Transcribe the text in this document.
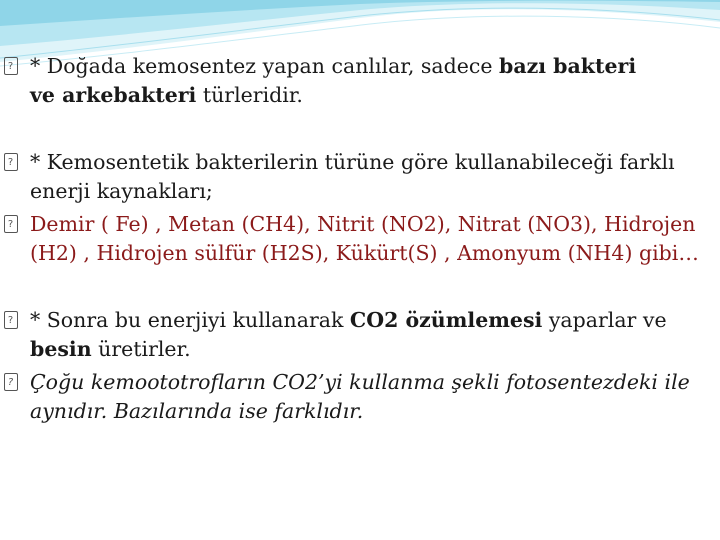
?
* Doğada kemosentez yapan canlılar, sadece bazı bakteri
ve arkebakteri türleridir.
?
* Kemosentetik bakterilerin türüne göre kullanabileceği farklı enerji kaynakları;
?
Demir ( Fe) , Metan (CH4), Nitrit (NO2), Nitrat (NO3), Hidrojen (H2) , Hidrojen sülfür (H2S), Kükürt(S) , Amonyum (NH4) gibi…
?
* Sonra bu enerjiyi kullanarak CO2 özümlemesi yaparlar ve besin üretirler.
?
Çoğu kemoototrofların CO2’yi kullanma şekli fotosentezdeki ile aynıdır. Bazılarında ise farklıdır.
